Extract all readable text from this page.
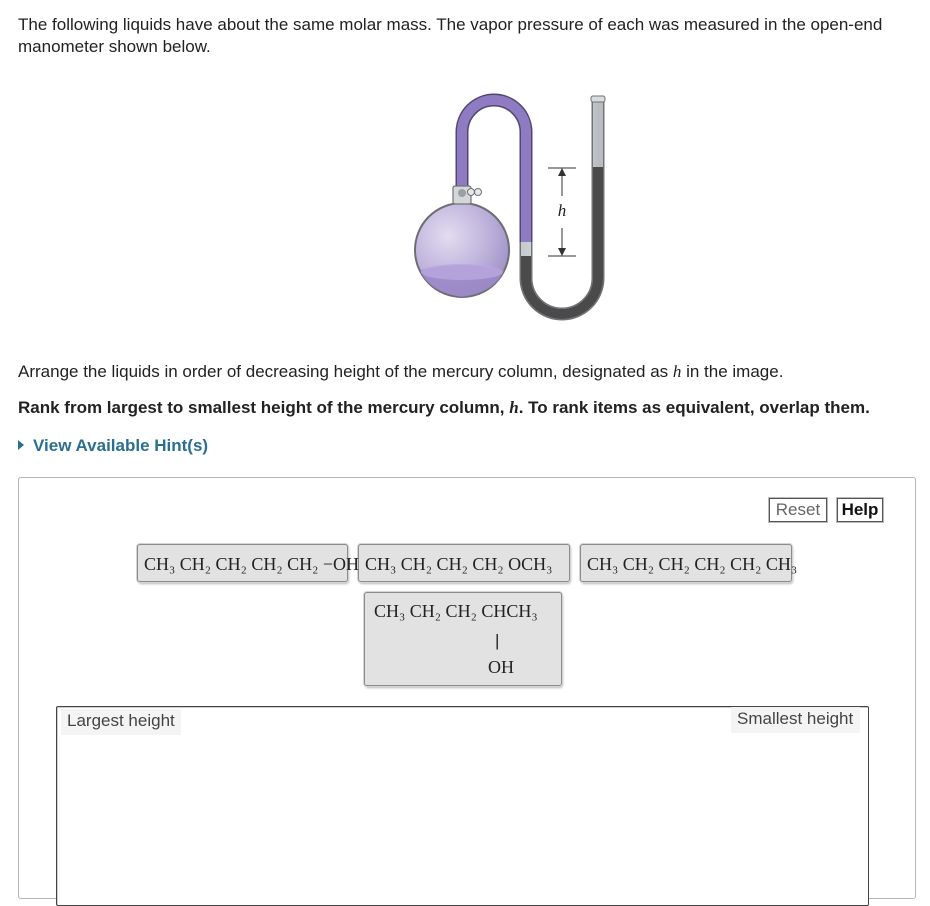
The following liquids have about the same molar mass. The vapor pressure of each was measured in the open-end
manometer shown below.

h

Arrange the liquids in order of decreasing height of the mercury column, designated as h in the image.

Rank from largest to smallest height of the mercury column, h. To rank items as equivalent, overlap them.

View Available Hint(s)
Reset	Help
CH₃ CH₂ CH₂ CH₂ OCH₃
CH₃ CH₂ CH₂ CH₂ CH₂ −OH	CH₃ CH₂ CH₂ CH₂ CH₂ CH₃
CH₃ CH₂ CH₂ CHCH₃
|
OH
Largest height	Smallest height
